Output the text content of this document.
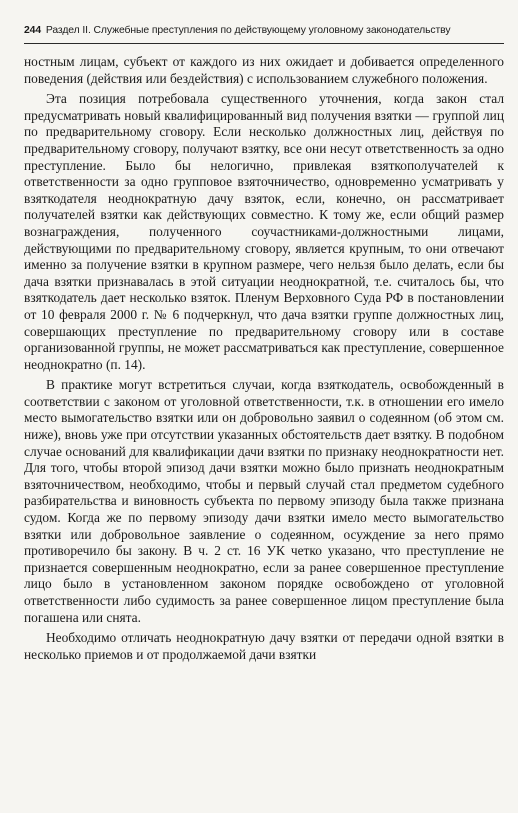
244 Раздел II. Служебные преступления по действующему уголовному законодательству

ностным лицам, субъект от каждого из них ожидает и добивается определенного поведения (действия или бездействия) с использованием служебного положения.

Эта позиция потребовала существенного уточнения, когда закон стал предусматривать новый квалифицированный вид получения взятки — группой лиц по предварительному сговору. Если несколько должностных лиц, действуя по предварительному сговору, получают взятку, все они несут ответственность за одно преступление. Было бы нелогично, привлекая взяткополучателей к ответственности за одно групповое взяточничество, одновременно усматривать у взяткодателя неоднократную дачу взяток, если, конечно, он рассматривает получателей взятки как действующих совместно. К тому же, если общий размер вознаграждения, полученного соучастниками-должностными лицами, действующими по предварительному сговору, является крупным, то они отвечают именно за получение взятки в крупном размере, чего нельзя было делать, если бы дача взятки признавалась в этой ситуации неоднократной, т.е. считалось бы, что взяткодатель дает несколько взяток. Пленум Верховного Суда РФ в постановлении от 10 февраля 2000 г. № 6 подчеркнул, что дача взятки группе должностных лиц, совершающих преступление по предварительному сговору или в составе организованной группы, не может рассматриваться как преступление, совершенное неоднократно (п. 14).

В практике могут встретиться случаи, когда взяткодатель, освобожденный в соответствии с законом от уголовной ответственности, т.к. в отношении его имело место вымогательство взятки или он добровольно заявил о содеянном (об этом см. ниже), вновь уже при отсутствии указанных обстоятельств дает взятку. В подобном случае оснований для квалификации дачи взятки по признаку неоднократности нет. Для того, чтобы второй эпизод дачи взятки можно было признать неоднократным взяточничеством, необходимо, чтобы и первый случай стал предметом судебного разбирательства и виновность субъекта по первому эпизоду была также признана судом. Когда же по первому эпизоду дачи взятки имело место вымогательство взятки или добровольное заявление о содеянном, осуждение за него прямо противоречило бы закону. В ч. 2 ст. 16 УК четко указано, что преступление не признается совершенным неоднократно, если за ранее совершенное преступление лицо было в установленном законом порядке освобождено от уголовной ответственности либо судимость за ранее совершенное лицом преступление была погашена или снята.

Необходимо отличать неоднократную дачу взятки от передачи одной взятки в несколько приемов и от продолжаемой дачи взятки
